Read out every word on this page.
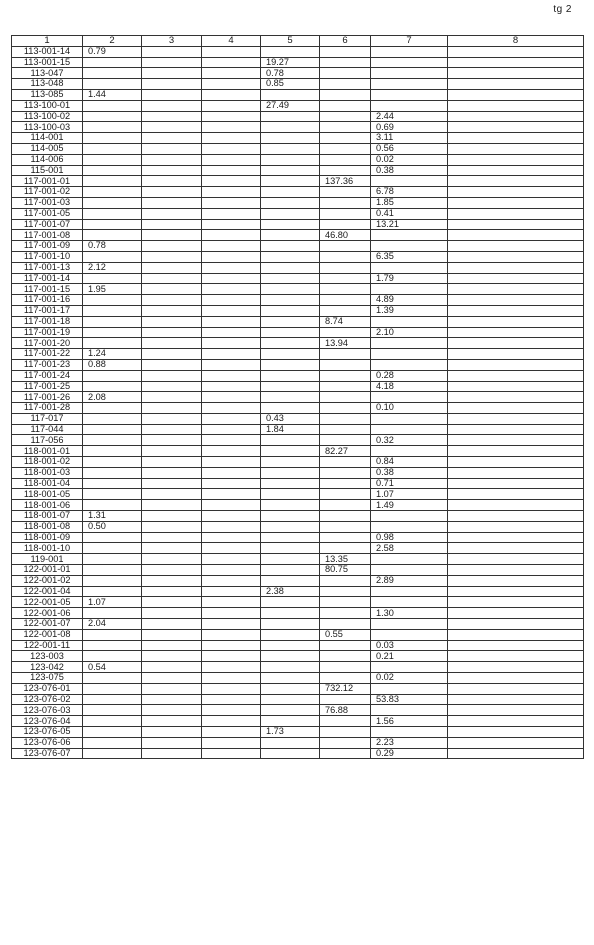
tg 2
1	2	3	4	5	6	7	8
113-001-14	0.79						
113-001-15				19.27			
113-047				0.78			
113-048				0.85			
113-085	1.44						
113-100-01				27.49			
113-100-02						2.44	
113-100-03						0.69	
114-001						3.11	
114-005						0.56	
114-006						0.02	
115-001						0.38	
117-001-01					137.36		
117-001-02						6.78	
117-001-03						1.85	
117-001-05						0.41	
117-001-07						13.21	
117-001-08					46.80		
117-001-09	0.78						
117-001-10						6.35	
117-001-13	2.12						
117-001-14						1.79	
117-001-15	1.95						
117-001-16						4.89	
117-001-17						1.39	
117-001-18					8.74		
117-001-19						2.10	
117-001-20					13.94		
117-001-22	1.24						
117-001-23	0.88						
117-001-24						0.28	
117-001-25						4.18	
117-001-26	2.08						
117-001-28						0.10	
117-017				0.43			
117-044				1.84			
117-056						0.32	
118-001-01					82.27		
118-001-02						0.84	
118-001-03						0.38	
118-001-04						0.71	
118-001-05						1.07	
118-001-06						1.49	
118-001-07	1.31						
118-001-08	0.50						
118-001-09						0.98	
118-001-10						2.58	
119-001					13.35		
122-001-01					80.75		
122-001-02						2.89	
122-001-04				2.38			
122-001-05	1.07						
122-001-06						1.30	
122-001-07	2.04						
122-001-08					0.55		
122-001-11						0.03	
123-003						0.21	
123-042	0.54						
123-075						0.02	
123-076-01					732.12		
123-076-02						53.83	
123-076-03					76.88		
123-076-04						1.56	
123-076-05				1.73			
123-076-06						2.23	
123-076-07						0.29	
